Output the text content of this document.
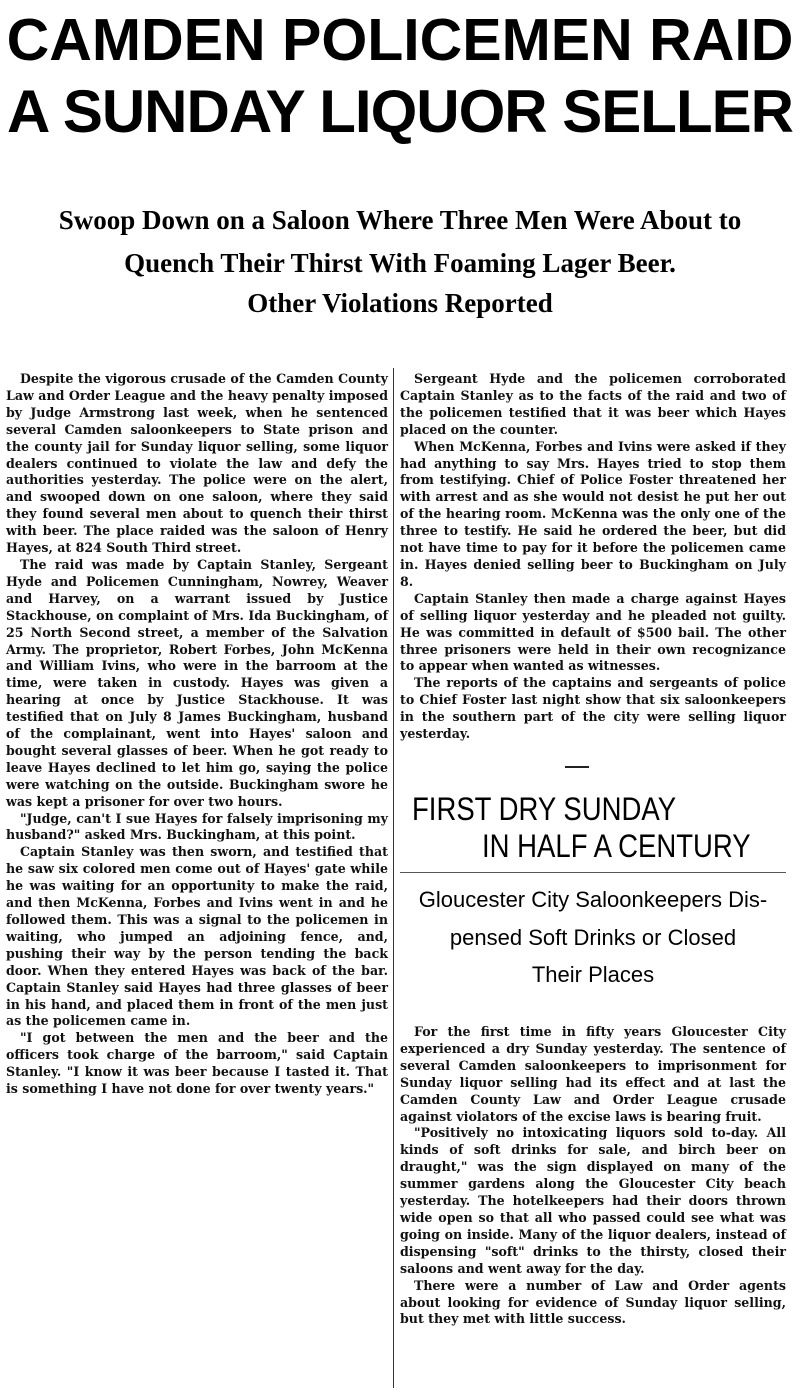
CAMDEN POLICEMEN RAID
A SUNDAY LIQUOR SELLER
Swoop Down on a Saloon Where Three Men Were About to
Quench Their Thirst With Foaming Lager Beer.
Other Violations Reported

Despite the vigorous crusade of the Camden County Law and Order League and the heavy penalty imposed by Judge Armstrong last week, when he sentenced several Camden saloonkeepers to State prison and the county jail for Sunday liquor selling, some liquor dealers continued to violate the law and defy the authorities yesterday. The police were on the alert, and swooped down on one saloon, where they said they found several men about to quench their thirst with beer. The place raided was the saloon of Henry Hayes, at 824 South Third street.

The raid was made by Captain Stanley, Sergeant Hyde and Policemen Cunningham, Nowrey, Weaver and Harvey, on a warrant issued by Justice Stackhouse, on complaint of Mrs. Ida Buckingham, of 25 North Second street, a member of the Salvation Army. The proprietor, Robert Forbes, John McKenna and William Ivins, who were in the barroom at the time, were taken in custody. Hayes was given a hearing at once by Justice Stackhouse. It was testified that on July 8 James Buckingham, husband of the complainant, went into Hayes' saloon and bought several glasses of beer. When he got ready to leave Hayes declined to let him go, saying the police were watching on the outside. Buckingham swore he was kept a prisoner for over two hours.

"Judge, can't I sue Hayes for falsely imprisoning my husband?" asked Mrs. Buckingham, at this point.

Captain Stanley was then sworn, and testified that he saw six colored men come out of Hayes' gate while he was waiting for an opportunity to make the raid, and then McKenna, Forbes and Ivins went in and he followed them. This was a signal to the policemen in waiting, who jumped an adjoining fence, and, pushing their way by the person tending the back door. When they entered Hayes was back of the bar. Captain Stanley said Hayes had three glasses of beer in his hand, and placed them in front of the men just as the policemen came in.

"I got between the men and the beer and the officers took charge of the barroom," said Captain Stanley. "I know it was beer because I tasted it. That is something I have not done for over twenty years."

Sergeant Hyde and the policemen corroborated Captain Stanley as to the facts of the raid and two of the policemen testified that it was beer which Hayes placed on the counter.

When McKenna, Forbes and Ivins were asked if they had anything to say Mrs. Hayes tried to stop them from testifying. Chief of Police Foster threatened her with arrest and as she would not desist he put her out of the hearing room. McKenna was the only one of the three to testify. He said he ordered the beer, but did not have time to pay for it before the policemen came in. Hayes denied selling beer to Buckingham on July 8.

Captain Stanley then made a charge against Hayes of selling liquor yesterday and he pleaded not guilty. He was committed in default of $500 bail. The other three prisoners were held in their own recognizance to appear when wanted as witnesses.

The reports of the captains and sergeants of police to Chief Foster last night show that six saloonkeepers in the southern part of the city were selling liquor yesterday.

FIRST DRY SUNDAY
IN HALF A CENTURY
Gloucester City Saloonkeepers Dis-
pensed Soft Drinks or Closed
Their Places

For the first time in fifty years Gloucester City experienced a dry Sunday yesterday. The sentence of several Camden saloonkeepers to imprisonment for Sunday liquor selling had its effect and at last the Camden County Law and Order League crusade against violators of the excise laws is bearing fruit.

"Positively no intoxicating liquors sold to-day. All kinds of soft drinks for sale, and birch beer on draught," was the sign displayed on many of the summer gardens along the Gloucester City beach yesterday. The hotelkeepers had their doors thrown wide open so that all who passed could see what was going on inside. Many of the liquor dealers, instead of dispensing "soft" drinks to the thirsty, closed their saloons and went away for the day.

There were a number of Law and Order agents about looking for evidence of Sunday liquor selling, but they met with little success.
